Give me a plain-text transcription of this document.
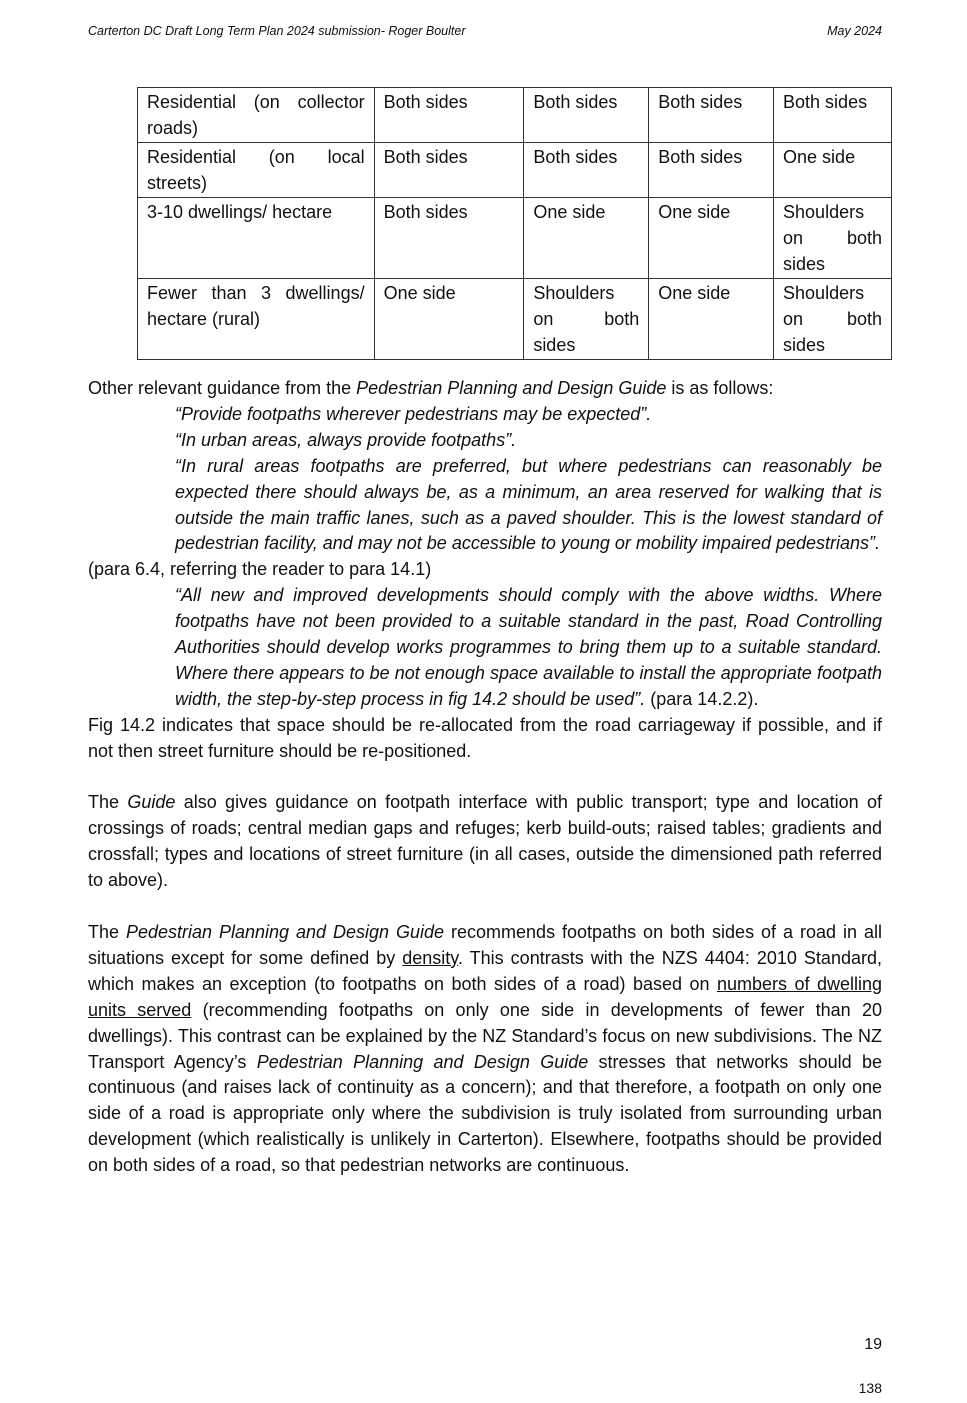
Carterton DC Draft Long Term Plan 2024 submission- Roger Boulter	May 2024
Residential (on collector roads)	Both sides	Both sides	Both sides	Both sides
Residential (on local streets)	Both sides	Both sides	Both sides	One side
3-10 dwellings/ hectare	Both sides	One side	One side	Shoulders on both sides
Fewer than 3 dwellings/ hectare (rural)	One side	Shoulders on both sides	One side	Shoulders on both sides

Other relevant guidance from the Pedestrian Planning and Design Guide is as follows:

“Provide footpaths wherever pedestrians may be expected”.

“In urban areas, always provide footpaths”.

“In rural areas footpaths are preferred, but where pedestrians can reasonably be expected there should always be, as a minimum, an area reserved for walking that is outside the main traffic lanes, such as a paved shoulder. This is the lowest standard of pedestrian facility, and may not be accessible to young or mobility impaired pedestrians”.

(para 6.4, referring the reader to para 14.1)

“All new and improved developments should comply with the above widths. Where footpaths have not been provided to a suitable standard in the past, Road Controlling Authorities should develop works programmes to bring them up to a suitable standard. Where there appears to be not enough space available to install the appropriate footpath width, the step-by-step process in fig 14.2 should be used”. (para 14.2.2).

Fig 14.2 indicates that space should be re-allocated from the road carriageway if possible, and if not then street furniture should be re-positioned.

The Guide also gives guidance on footpath interface with public transport; type and location of crossings of roads; central median gaps and refuges; kerb build-outs; raised tables; gradients and crossfall; types and locations of street furniture (in all cases, outside the dimensioned path referred to above).

The Pedestrian Planning and Design Guide recommends footpaths on both sides of a road in all situations except for some defined by density. This contrasts with the NZS 4404: 2010 Standard, which makes an exception (to footpaths on both sides of a road) based on numbers of dwelling units served (recommending footpaths on only one side in developments of fewer than 20 dwellings). This contrast can be explained by the NZ Standard’s focus on new subdivisions. The NZ Transport Agency’s Pedestrian Planning and Design Guide stresses that networks should be continuous (and raises lack of continuity as a concern); and that therefore, a footpath on only one side of a road is appropriate only where the subdivision is truly isolated from surrounding urban development (which realistically is unlikely in Carterton). Elsewhere, footpaths should be provided on both sides of a road, so that pedestrian networks are continuous.

19
138
